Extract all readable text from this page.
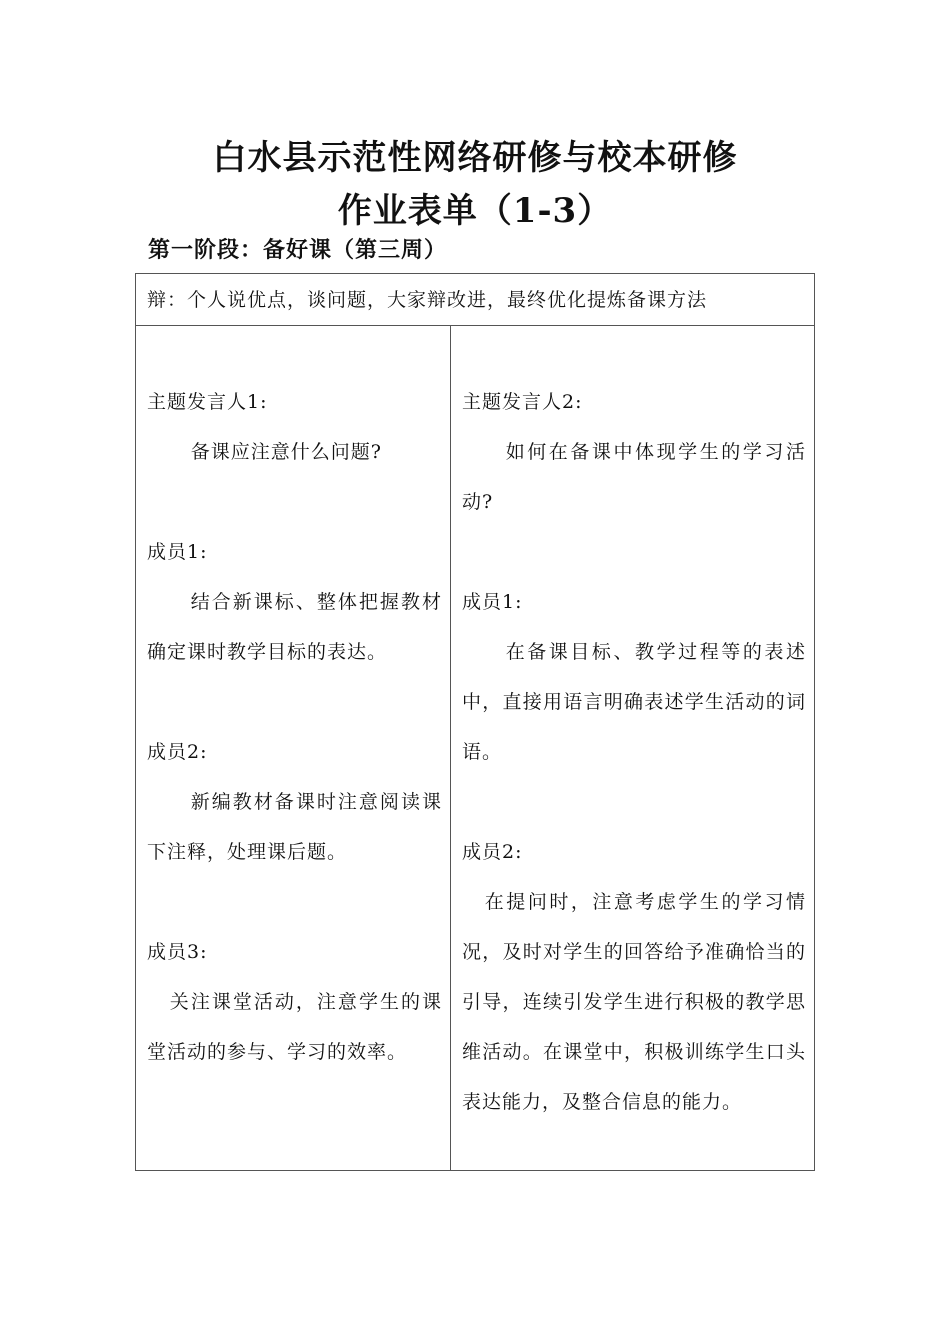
白水县示范性网络研修与校本研修
作业表单（1-3）
第一阶段：备好课（第三周）
辩：个人说优点，谈问题，大家辩改进，最终优化提炼备课方法

主题发言人1:

备课应注意什么问题?

成员1:

结合新课标、整体把握教材确定课时教学目标的表达。

成员2:

新编教材备课时注意阅读课下注释，处理课后题。

成员3:

关注课堂活动，注意学生的课堂活动的参与、学习的效率。

主题发言人2:

如何在备课中体现学生的学习活动?

成员1:

在备课目标、教学过程等的表述中，直接用语言明确表述学生活动的词语。

成员2:

在提问时，注意考虑学生的学习情况，及时对学生的回答给予准确恰当的引导，连续引发学生进行积极的教学思维活动。在课堂中，积极训练学生口头表达能力，及整合信息的能力。
